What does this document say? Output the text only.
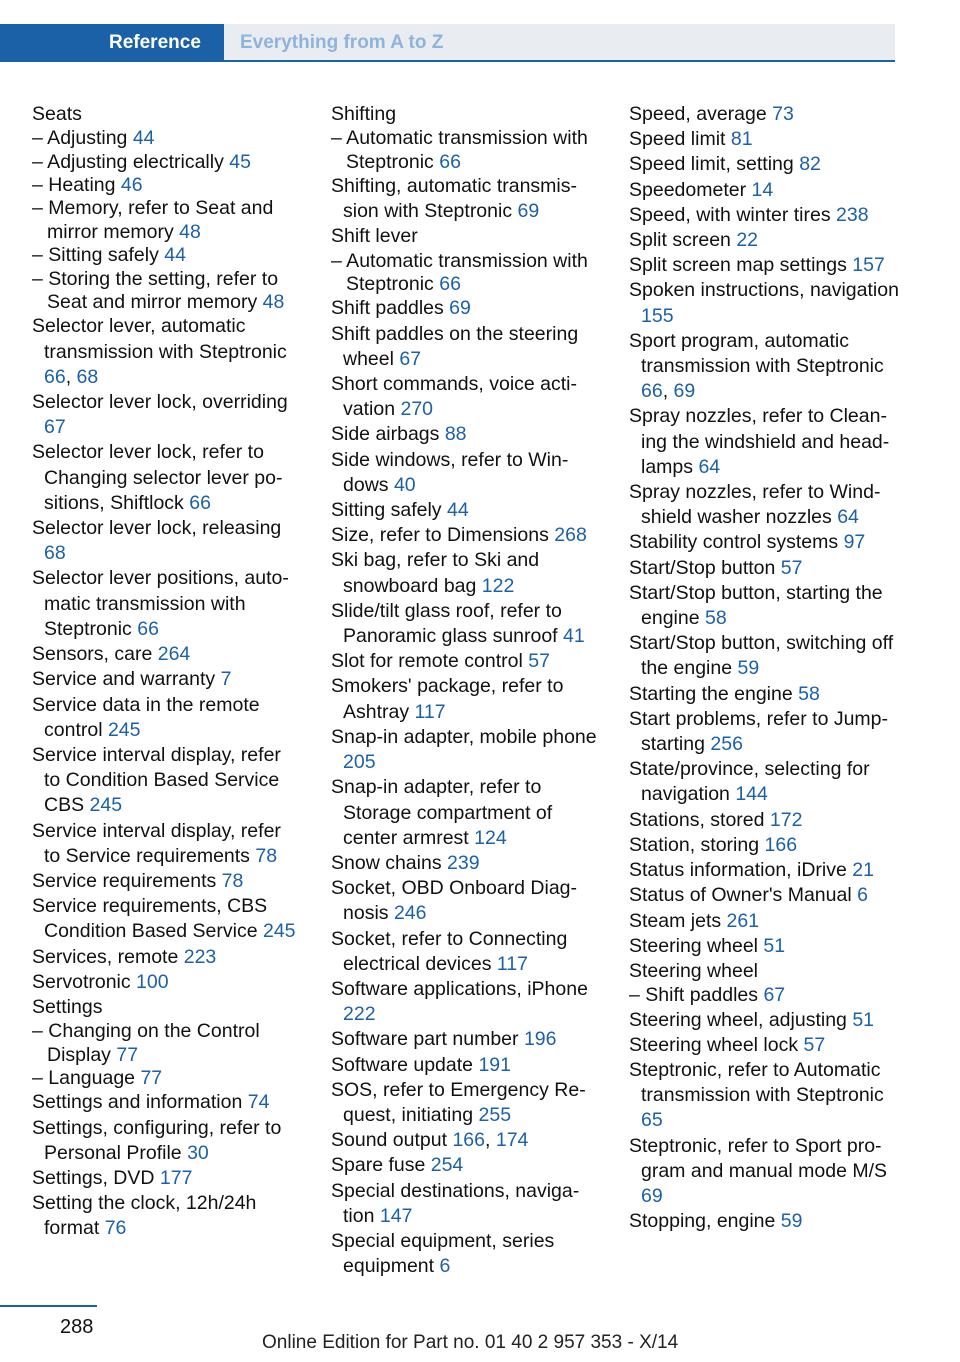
Reference	Everything from A to Z
Seats
– Adjusting 44
– Adjusting electrically 45
– Heating 46
– Memory, refer to Seat and mirror memory 48
– Sitting safely 44
– Storing the setting, refer to Seat and mirror memory 48
Selector lever, automatic transmission with Steptronic 66, 68
Selector lever lock, overriding 67
Selector lever lock, refer to Changing selector lever positions, Shiftlock 66
Selector lever lock, releasing 68
Selector lever positions, automatic transmission with Steptronic 66
Sensors, care 264
Service and warranty 7
Service data in the remote control 245
Service interval display, refer to Condition Based Service CBS 245
Service interval display, refer to Service requirements 78
Service requirements 78
Service requirements, CBS Condition Based Service 245
Services, remote 223
Servotronic 100
Settings
– Changing on the Control Display 77
– Language 77
Settings and information 74
Settings, configuring, refer to Personal Profile 30
Settings, DVD 177
Setting the clock, 12h/24h format 76
Shifting
– Automatic transmission with Steptronic 66
Shifting, automatic transmission with Steptronic 69
Shift lever
– Automatic transmission with Steptronic 66
Shift paddles 69
Shift paddles on the steering wheel 67
Short commands, voice activation 270
Side airbags 88
Side windows, refer to Windows 40
Sitting safely 44
Size, refer to Dimensions 268
Ski bag, refer to Ski and snowboard bag 122
Slide/tilt glass roof, refer to Panoramic glass sunroof 41
Slot for remote control 57
Smokers' package, refer to Ashtray 117
Snap-in adapter, mobile phone 205
Snap-in adapter, refer to Storage compartment of center armrest 124
Snow chains 239
Socket, OBD Onboard Diagnosis 246
Socket, refer to Connecting electrical devices 117
Software applications, iPhone 222
Software part number 196
Software update 191
SOS, refer to Emergency Request, initiating 255
Sound output 166, 174
Spare fuse 254
Special destinations, navigation 147
Special equipment, series equipment 6
Speed, average 73
Speed limit 81
Speed limit, setting 82
Speedometer 14
Speed, with winter tires 238
Split screen 22
Split screen map settings 157
Spoken instructions, navigation 155
Sport program, automatic transmission with Steptronic 66, 69
Spray nozzles, refer to Cleaning the windshield and headlamps 64
Spray nozzles, refer to Windshield washer nozzles 64
Stability control systems 97
Start/Stop button 57
Start/Stop button, starting the engine 58
Start/Stop button, switching off the engine 59
Starting the engine 58
Start problems, refer to Jump-starting 256
State/province, selecting for navigation 144
Stations, stored 172
Station, storing 166
Status information, iDrive 21
Status of Owner's Manual 6
Steam jets 261
Steering wheel 51
Steering wheel
– Shift paddles 67
Steering wheel, adjusting 51
Steering wheel lock 57
Steptronic, refer to Automatic transmission with Steptronic 65
Steptronic, refer to Sport program and manual mode M/S 69
Stopping, engine 59
288
Online Edition for Part no. 01 40 2 957 353 - X/14
